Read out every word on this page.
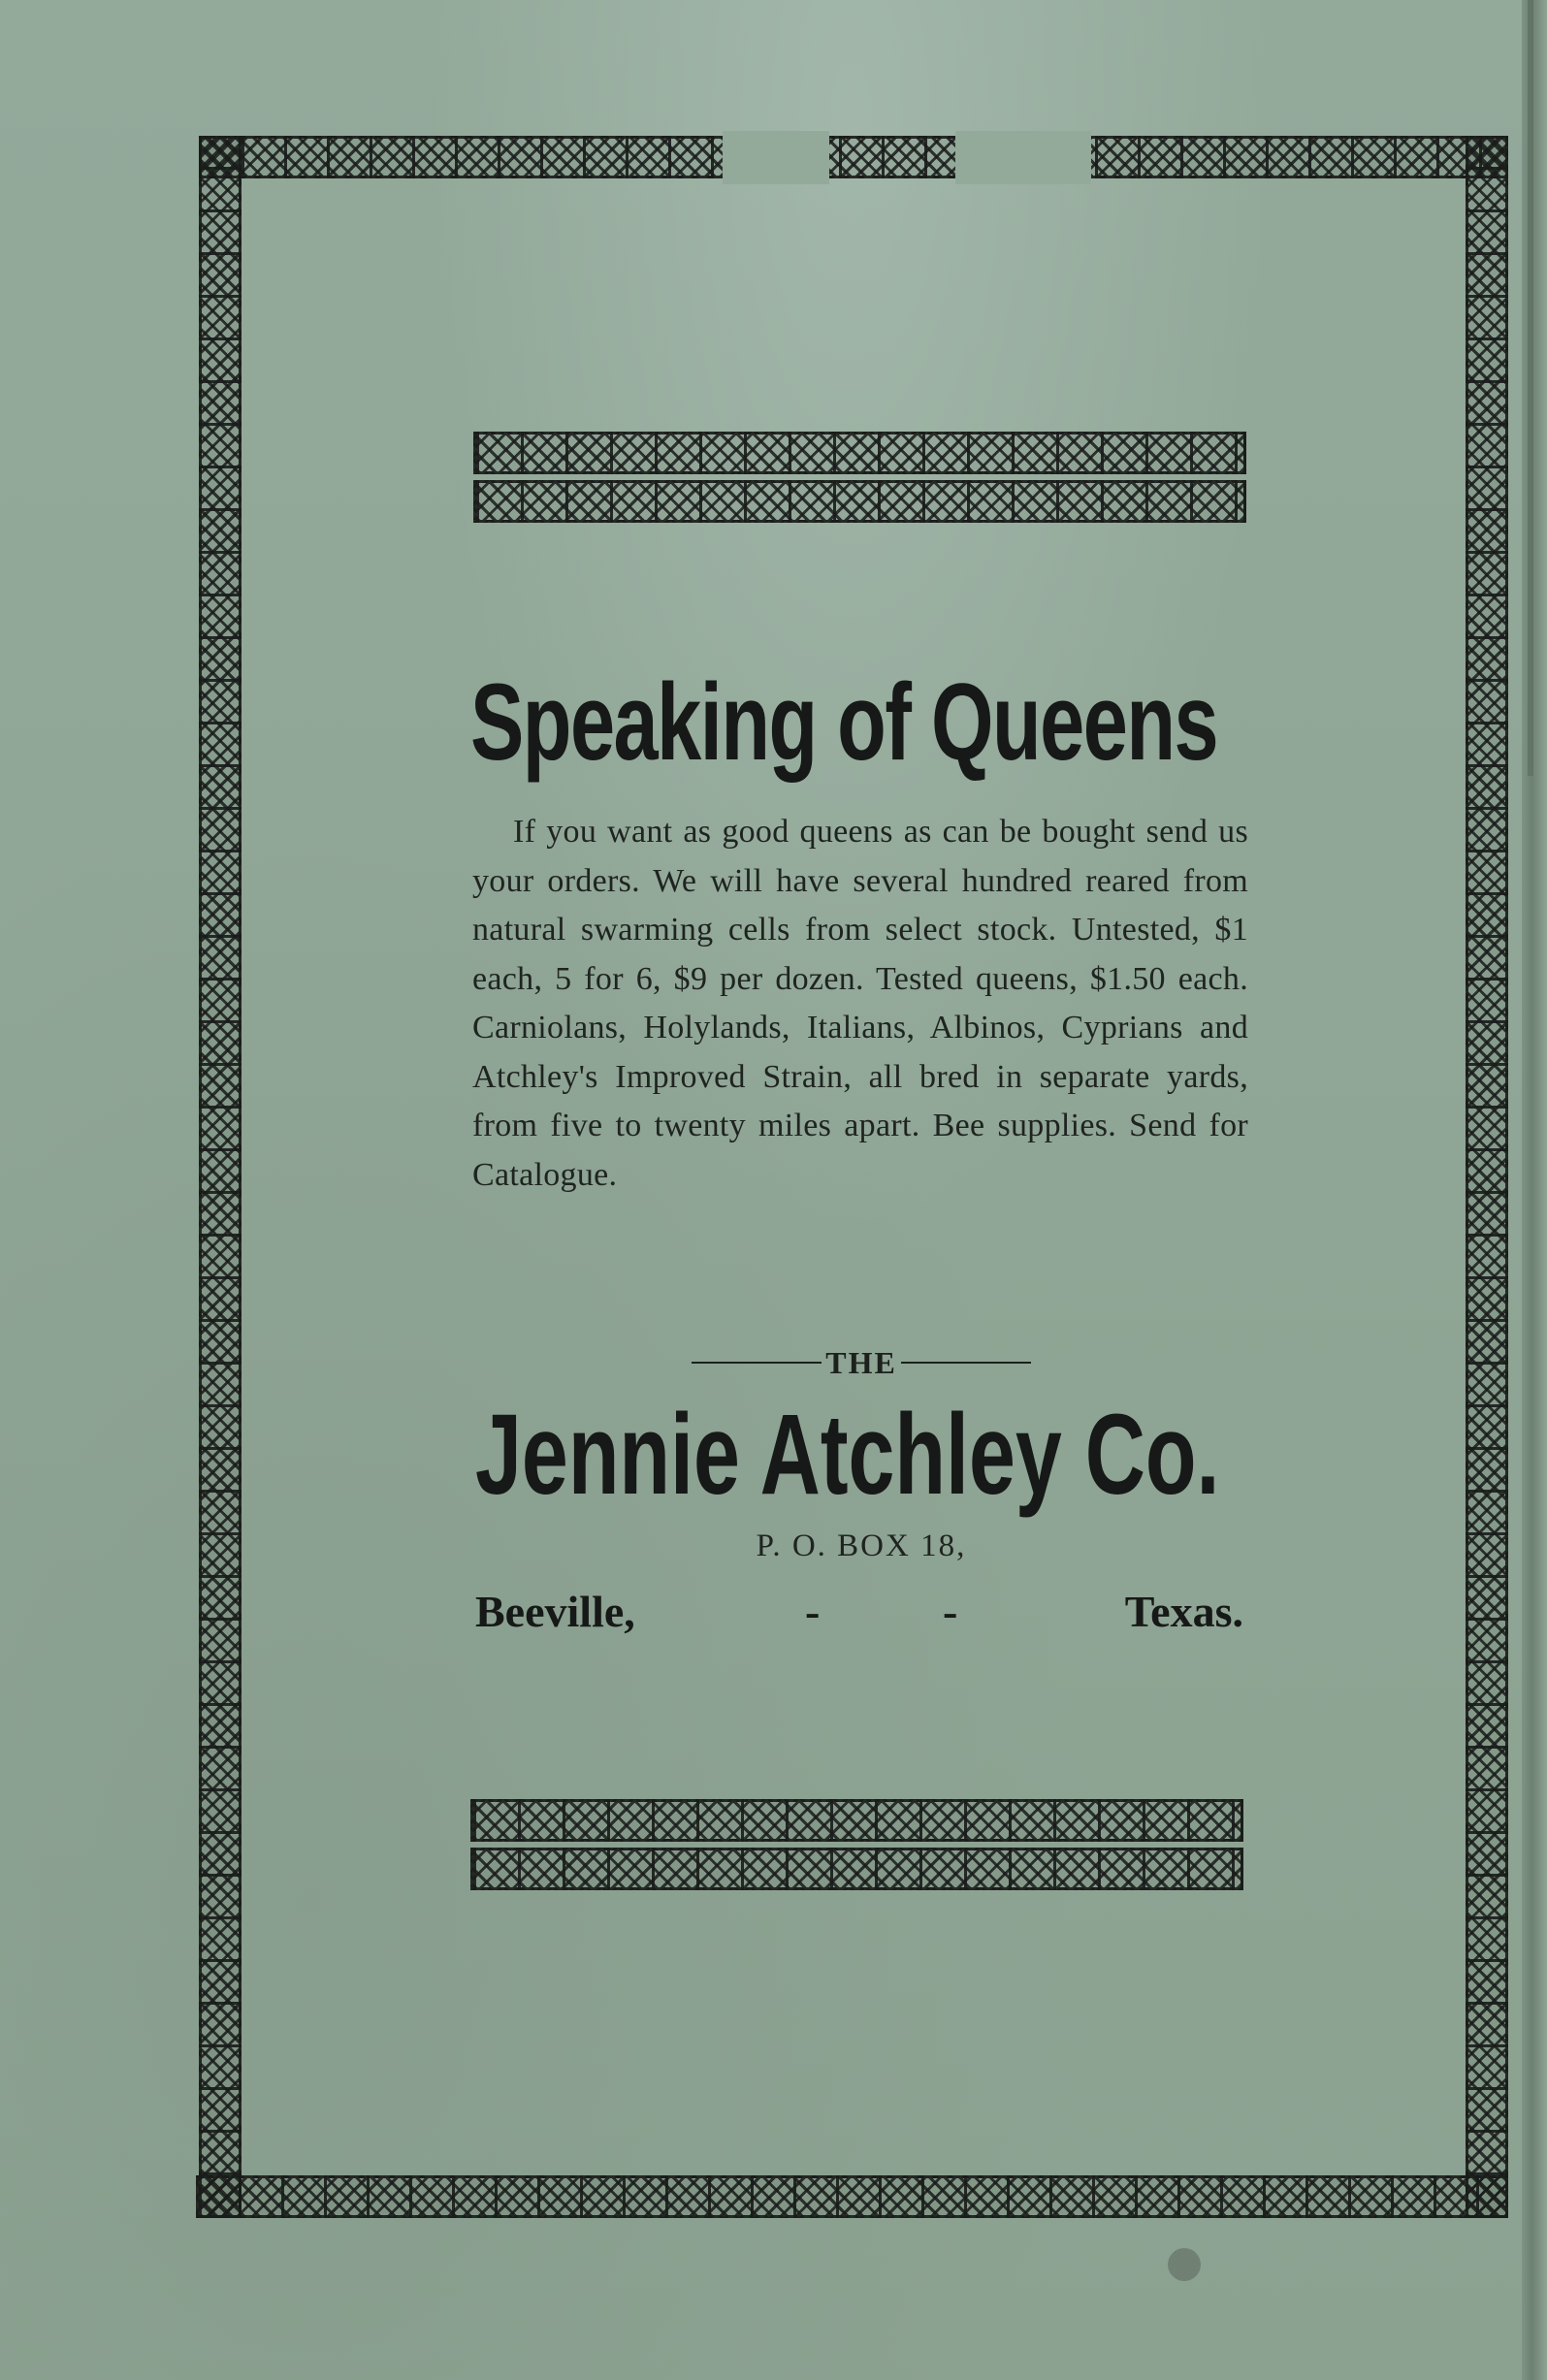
Speaking of Queens

If you want as good queens as can be bought send us your orders. We will have several hundred reared from natural swarming cells from select stock. Untested, $1 each, 5 for 6, $9 per dozen. Tested queens, $1.50 each. Carniolans, Holylands, Italians, Albinos, Cyprians and Atchley's Improved Strain, all bred in separate yards, from five to twenty miles apart. Bee supplies. Send for Catalogue.

THE
Jennie Atchley Co.
P. O. BOX 18,
Beeville,	-	-	Texas.
